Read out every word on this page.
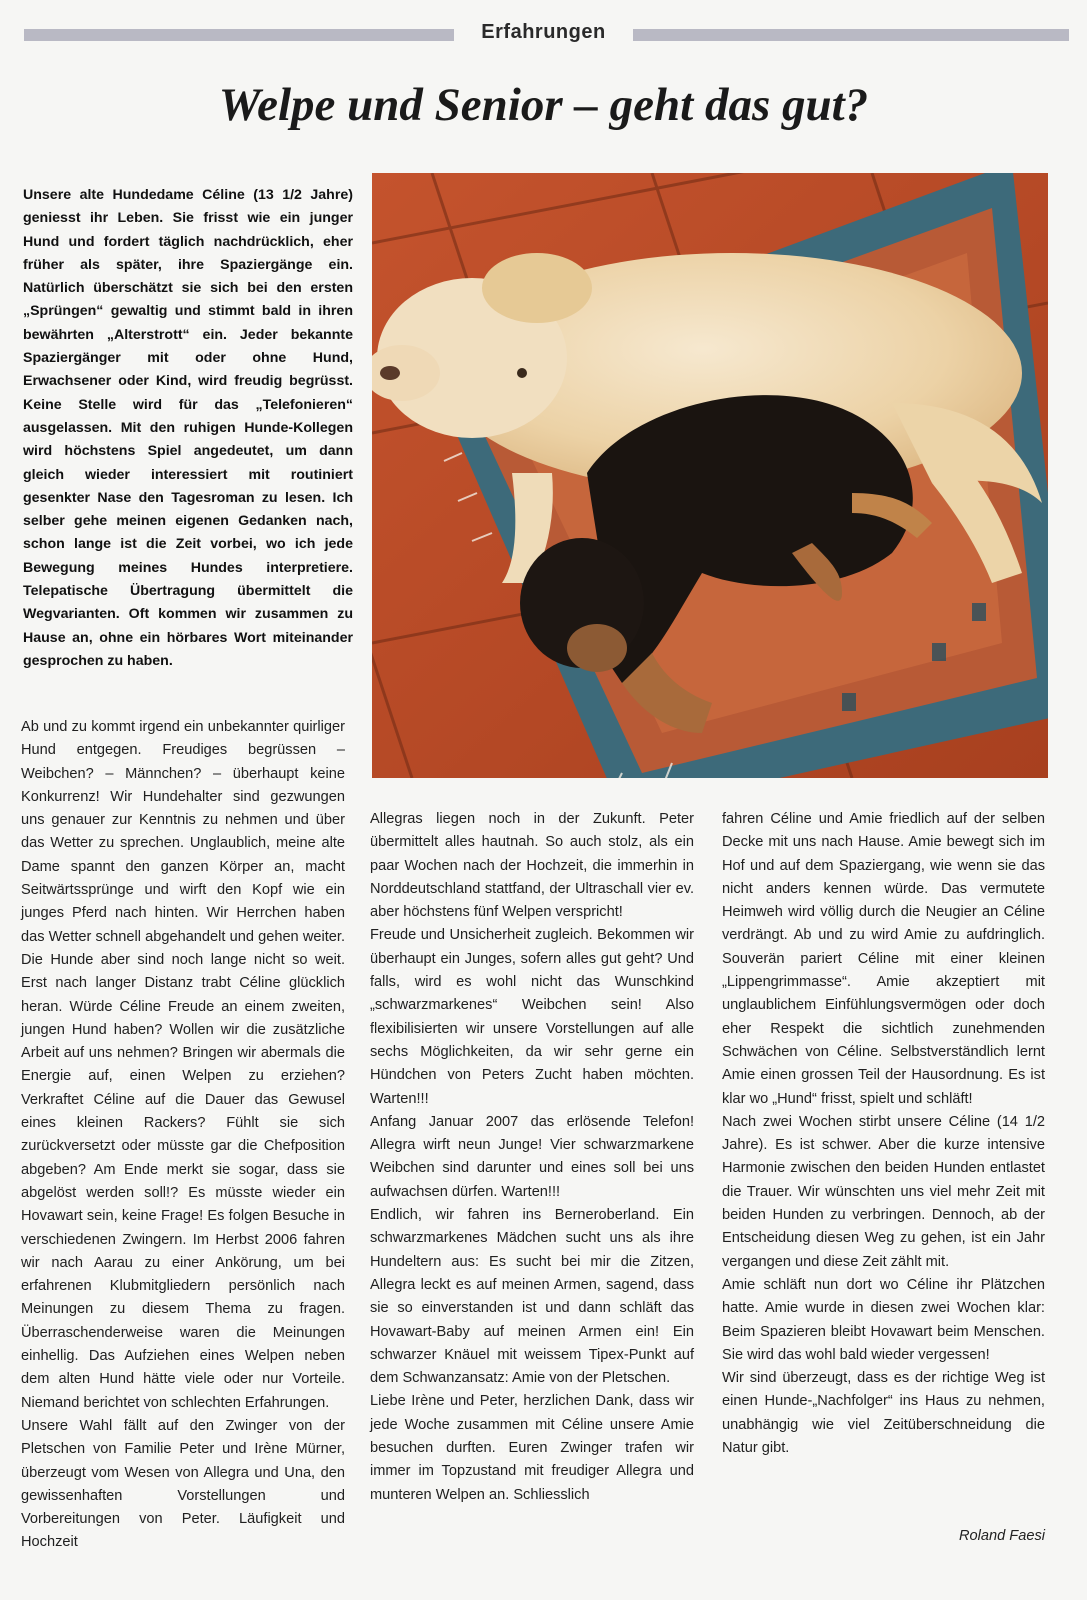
Erfahrungen
Welpe und Senior – geht das gut?

Unsere alte Hundedame Céline (13 1/2 Jahre) geniesst ihr Leben. Sie frisst wie ein junger Hund und fordert täglich nachdrücklich, eher früher als später, ihre Spaziergänge ein. Natürlich überschätzt sie sich bei den ersten „Sprüngen“ gewaltig und stimmt bald in ihren bewährten „Alterstrott“ ein. Jeder bekannte Spaziergänger mit oder ohne Hund, Erwachsener oder Kind, wird freudig begrüsst. Keine Stelle wird für das „Telefonieren“ ausgelassen. Mit den ruhigen Hunde-Kollegen wird höchstens Spiel angedeutet, um dann gleich wieder interessiert mit routiniert gesenkter Nase den Tagesroman zu lesen. Ich selber gehe meinen eigenen Gedanken nach, schon lange ist die Zeit vorbei, wo ich jede Bewegung meines Hundes interpretiere. Telepatische Übertragung übermittelt die Wegvarianten. Oft kommen wir zusammen zu Hause an, ohne ein hörbares Wort miteinander gesprochen zu haben.

Ab und zu kommt irgend ein unbekannter quirliger Hund entgegen. Freudiges begrüssen – Weibchen? – Männchen? – überhaupt keine Konkurrenz! Wir Hundehalter sind gezwungen uns genauer zur Kenntnis zu nehmen und über das Wetter zu sprechen. Unglaublich, meine alte Dame spannt den ganzen Körper an, macht Seitwärtssprünge und wirft den Kopf wie ein junges Pferd nach hinten. Wir Herrchen haben das Wetter schnell abgehandelt und gehen weiter. Die Hunde aber sind noch lange nicht so weit. Erst nach langer Distanz trabt Céline glücklich heran. Würde Céline Freude an einem zweiten, jungen Hund haben? Wollen wir die zusätzliche Arbeit auf uns nehmen? Bringen wir abermals die Energie auf, einen Welpen zu erziehen? Verkraftet Céline auf die Dauer das Gewusel eines kleinen Rackers? Fühlt sie sich zurückversetzt oder müsste gar die Chefposition abgeben? Am Ende merkt sie sogar, dass sie abgelöst werden soll!? Es müsste wieder ein Hovawart sein, keine Frage! Es folgen Besuche in verschiedenen Zwingern. Im Herbst 2006 fahren wir nach Aarau zu einer Ankörung, um bei erfahrenen Klubmitgliedern persönlich nach Meinungen zu diesem Thema zu fragen. Überraschenderweise waren die Meinungen einhellig. Das Aufziehen eines Welpen neben dem alten Hund hätte viele oder nur Vorteile. Niemand berichtet von schlechten Erfahrungen.

Unsere Wahl fällt auf den Zwinger von der Pletschen von Familie Peter und Irène Mürner, überzeugt vom Wesen von Allegra und Una, den gewissenhaften Vorstellungen und Vorbereitungen von Peter. Läufigkeit und Hochzeit

Allegras liegen noch in der Zukunft. Peter übermittelt alles hautnah. So auch stolz, als ein paar Wochen nach der Hochzeit, die immerhin in Norddeutschland stattfand, der Ultraschall vier ev. aber höchstens fünf Welpen verspricht!

Freude und Unsicherheit zugleich. Bekommen wir überhaupt ein Junges, sofern alles gut geht? Und falls, wird es wohl nicht das Wunschkind „schwarzmarkenes“ Weibchen sein! Also flexibilisierten wir unsere Vorstellungen auf alle sechs Möglichkeiten, da wir sehr gerne ein Hündchen von Peters Zucht haben möchten. Warten!!!

Anfang Januar 2007 das erlösende Telefon! Allegra wirft neun Junge! Vier schwarzmarkene Weibchen sind darunter und eines soll bei uns aufwachsen dürfen. Warten!!!

Endlich, wir fahren ins Berneroberland. Ein schwarzmarkenes Mädchen sucht uns als ihre Hundeltern aus: Es sucht bei mir die Zitzen, Allegra leckt es auf meinen Armen, sagend, dass sie so einverstanden ist und dann schläft das Hovawart-Baby auf meinen Armen ein! Ein schwarzer Knäuel mit weissem Tipex-Punkt auf dem Schwanzansatz: Amie von der Pletschen.

Liebe Irène und Peter, herzlichen Dank, dass wir jede Woche zusammen mit Céline unsere Amie besuchen durften. Euren Zwinger trafen wir immer im Topzustand mit freudiger Allegra und munteren Welpen an. Schliesslich

fahren Céline und Amie friedlich auf der selben Decke mit uns nach Hause. Amie bewegt sich im Hof und auf dem Spaziergang, wie wenn sie das nicht anders kennen würde. Das vermutete Heimweh wird völlig durch die Neugier an Céline verdrängt. Ab und zu wird Amie zu aufdringlich. Souverän pariert Céline mit einer kleinen „Lippengrimmasse“. Amie akzeptiert mit unglaublichem Einfühlungsvermögen oder doch eher Respekt die sichtlich zunehmenden Schwächen von Céline. Selbstverständlich lernt Amie einen grossen Teil der Hausordnung. Es ist klar wo „Hund“ frisst, spielt und schläft!

Nach zwei Wochen stirbt unsere Céline (14 1/2 Jahre). Es ist schwer. Aber die kurze intensive Harmonie zwischen den beiden Hunden entlastet die Trauer. Wir wünschten uns viel mehr Zeit mit beiden Hunden zu verbringen. Dennoch, ab der Entscheidung diesen Weg zu gehen, ist ein Jahr vergangen und diese Zeit zählt mit.

Amie schläft nun dort wo Céline ihr Plätzchen hatte. Amie wurde in diesen zwei Wochen klar: Beim Spazieren bleibt Hovawart beim Menschen. Sie wird das wohl bald wieder vergessen!

Wir sind überzeugt, dass es der richtige Weg ist einen Hunde-„Nachfolger“ ins Haus zu nehmen, unabhängig wie viel Zeitüberschneidung die Natur gibt.

Roland Faesi
